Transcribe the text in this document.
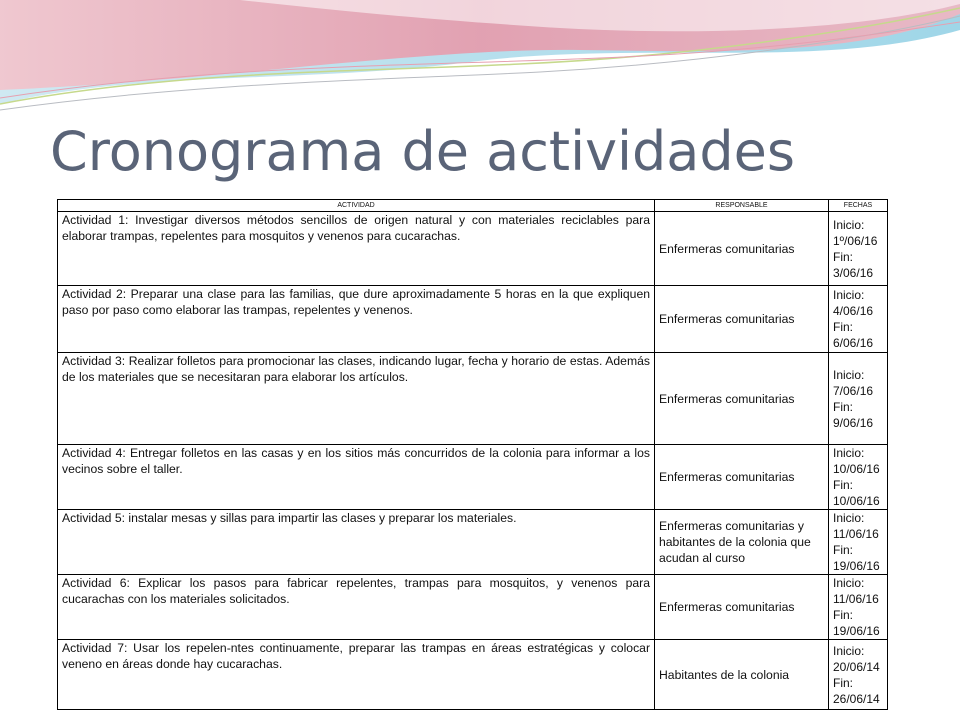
Cronograma de actividades
ACTIVIDAD	RESPONSABLE	FECHAS
Actividad 1: Investigar diversos métodos sencillos de origen natural y con materiales reciclables para elaborar trampas, repelentes para mosquitos y venenos para cucarachas.	Enfermeras comunitarias	Inicio: 1º/06/16
Fin: 3/06/16

Actividad 2: Preparar una clase para las familias, que dure aproximadamente 5 horas en la que expliquen paso por paso como elaborar las trampas, repelentes y venenos.	Enfermeras comunitarias	Inicio: 4/06/16
Fin: 6/06/16

Actividad 3: Realizar folletos para promocionar las clases, indicando lugar, fecha y horario de estas. Además de los materiales que se necesitaran para elaborar los artículos.	Enfermeras comunitarias	Inicio: 7/06/16
Fin: 9/06/16

Actividad 4: Entregar folletos en las casas y en los sitios más concurridos de la colonia para informar a los vecinos sobre el taller.	Enfermeras comunitarias	Inicio: 10/06/16
Fin: 10/06/16

Actividad 5: instalar mesas y sillas para impartir las clases y preparar los materiales.	Enfermeras comunitarias y habitantes de la colonia que acudan al curso	Inicio: 11/06/16
Fin: 19/06/16

Actividad 6: Explicar los pasos para fabricar repelentes, trampas para mosquitos, y venenos para cucarachas con los materiales solicitados.	Enfermeras comunitarias	Inicio: 11/06/16
Fin: 19/06/16

Actividad 7: Usar los repelen-ntes continuamente, preparar las trampas en áreas estratégicas y colocar veneno en áreas donde hay cucarachas.	Habitantes de la colonia	Inicio: 20/06/14
Fin: 26/06/14
